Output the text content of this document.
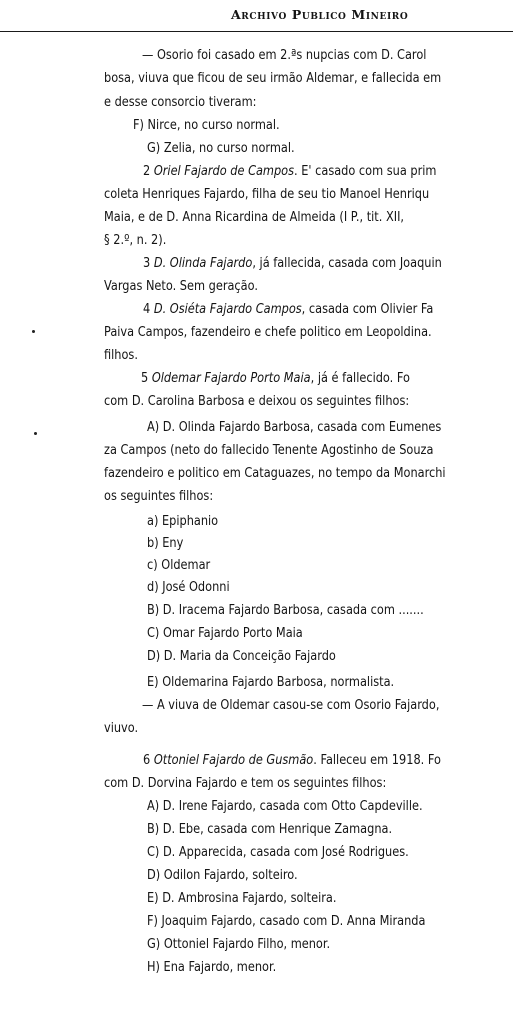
Archivo Publico Mineiro
— Osorio foi casado em 2.ªs nupcias com D. Carol
bosa, viuva que ficou de seu irmão Aldemar, e fallecida em
e desse consorcio tiveram:
F) Nirce, no curso normal.
G) Zelia, no curso normal.
2 Oriel Fajardo de Campos. E' casado com sua prim
coleta Henriques Fajardo, filha de seu tio Manoel Henriqu
Maia, e de D. Anna Ricardina de Almeida (I P., tit. XII,
§ 2.º, n. 2).
3 D. Olinda Fajardo, já fallecida, casada com Joaquin
Vargas Neto. Sem geração.
4 D. Osiéta Fajardo Campos, casada com Olivier Fa
Paiva Campos, fazendeiro e chefe politico em Leopoldina.
filhos.
5 Oldemar Fajardo Porto Maia, já é fallecido. Fo
com D. Carolina Barbosa e deixou os seguintes filhos:
A) D. Olinda Fajardo Barbosa, casada com Eumenes
za Campos (neto do fallecido Tenente Agostinho de Souza
fazendeiro e politico em Cataguazes, no tempo da Monarchi
os seguintes filhos:
a) Epiphanio
b) Eny
c) Oldemar
d) José Odonni
B) D. Iracema Fajardo Barbosa, casada com .......
C) Omar Fajardo Porto Maia
D) D. Maria da Conceição Fajardo
E) Oldemarina Fajardo Barbosa, normalista.
— A viuva de Oldemar casou-se com Osorio Fajardo,
viuvo.
6 Ottoniel Fajardo de Gusmão. Falleceu em 1918. Fo
com D. Dorvina Fajardo e tem os seguintes filhos:
A) D. Irene Fajardo, casada com Otto Capdeville.
B) D. Ebe, casada com Henrique Zamagna.
C) D. Apparecida, casada com José Rodrigues.
D) Odilon Fajardo, solteiro.
E) D. Ambrosina Fajardo, solteira.
F) Joaquim Fajardo, casado com D. Anna Miranda
G) Ottoniel Fajardo Filho, menor.
H) Ena Fajardo, menor.
